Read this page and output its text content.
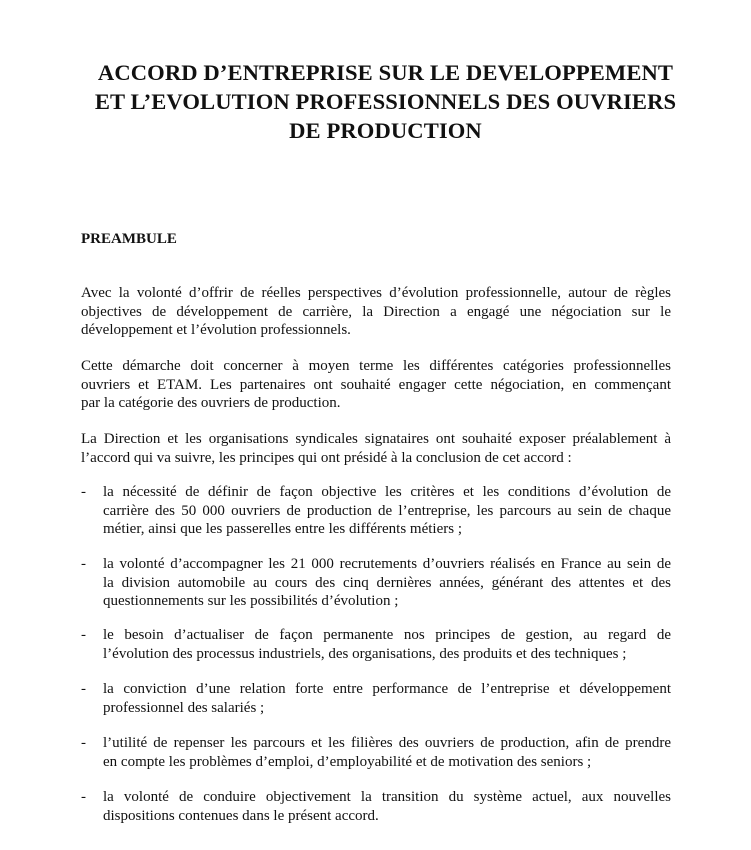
ACCORD D’ENTREPRISE SUR LE DEVELOPPEMENT
ET L’EVOLUTION PROFESSIONNELS DES OUVRIERS
DE PRODUCTION
PREAMBULE

Avec la volonté d’offrir de réelles perspectives d’évolution professionnelle, autour de règles
objectives de développement de carrière, la Direction a engagé une négociation sur le
développement et l’évolution professionnels.

Cette démarche doit concerner à moyen terme les différentes catégories professionnelles
ouvriers et ETAM. Les partenaires ont souhaité engager cette négociation, en commençant
par la catégorie des ouvriers de production.

La Direction et les organisations syndicales signataires ont souhaité exposer préalablement à
l’accord qui va suivre, les principes qui ont présidé à la conclusion de cet accord :

- la nécessité de définir de façon objective les critères et les conditions d’évolution de
carrière des 50 000 ouvriers de production de l’entreprise, les parcours au sein de chaque
métier, ainsi que les passerelles entre les différents métiers ;
- la volonté d’accompagner les 21 000 recrutements d’ouvriers réalisés en France au sein de
la division automobile au cours des cinq dernières années, générant des attentes et des
questionnements sur les possibilités d’évolution ;
- le besoin d’actualiser de façon permanente nos principes de gestion, au regard de
l’évolution des processus industriels, des organisations, des produits et des techniques ;
- la conviction d’une relation forte entre performance de l’entreprise et développement
professionnel des salariés ;
- l’utilité de repenser les parcours et les filières des ouvriers de production, afin de prendre
en compte les problèmes d’emploi, d’employabilité et de motivation des seniors ;
- la volonté de conduire objectivement la transition du système actuel, aux nouvelles
dispositions contenues dans le présent accord.
